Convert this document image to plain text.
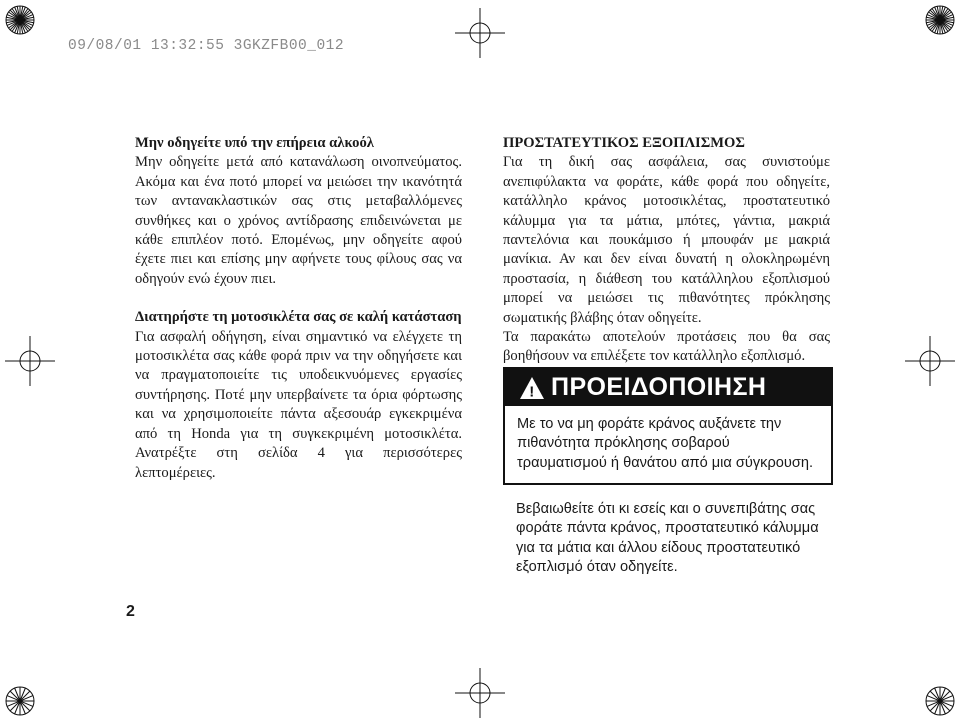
09/08/01 13:32:55 3GKZFB00_012
Μην οδηγείτε υπό την επήρεια αλκοόλ

Μην οδηγείτε μετά από κατανάλωση οινοπνεύματος. Ακόμα και ένα ποτό μπορεί να μειώσει την ικανότητά των αντανακλαστικών σας στις μεταβαλλόμενες συνθήκες και ο χρόνος αντίδρασης επιδεινώνεται με κάθε επιπλέον ποτό. Επομένως, μην οδηγείτε αφού έχετε πιει και επίσης μην αφήνετε τους φίλους σας να οδηγούν ενώ έχουν πιει.

Διατηρήστε τη μοτοσικλέτα σας σε καλή κατάσταση

Για ασφαλή οδήγηση, είναι σημαντικό να ελέγχετε τη μοτοσικλέτα σας κάθε φορά πριν να την οδηγήσετε και να πραγματοποιείτε τις υποδεικνυόμενες εργασίες συντήρησης. Ποτέ μην υπερβαίνετε τα όρια φόρτωσης και να χρησιμοποιείτε πάντα αξεσουάρ εγκεκριμένα από τη Honda για τη συγκεκριμένη μοτοσικλέτα. Ανατρέξτε στη σελίδα 4 για περισσότερες λεπτομέρειες.

ΠΡΟΣΤΑΤΕΥΤΙΚΟΣ ΕΞΟΠΛΙΣΜΟΣ

Για τη δική σας ασφάλεια, σας συνιστούμε ανεπιφύλακτα να φοράτε, κάθε φορά που οδηγείτε, κατάλληλο κράνος μοτοσικλέτας, προστατευτικό κάλυμμα για τα μάτια, μπότες, γάντια, μακριά παντελόνια και πουκάμισο ή μπουφάν με μακριά μανίκια. Αν και δεν είναι δυνατή η ολοκληρωμένη προστασία, η διάθεση του κατάλληλου εξοπλισμού μπορεί να μειώσει τις πιθανότητες πρόκλησης σωματικής βλάβης όταν οδηγείτε.

Τα παρακάτω αποτελούν προτάσεις που θα σας βοηθήσουν να επιλέξετε τον κατάλληλο εξοπλισμό.

! ΠΡΟΕΙΔΟΠΟΙΗΣΗ
Με το να μη φοράτε κράνος αυξάνετε την πιθανότητα πρόκλησης σοβαρού τραυματισμού ή θανάτου από μια σύγκρουση.
Βεβαιωθείτε ότι κι εσείς και ο συνεπιβάτης σας φοράτε πάντα κράνος, προστατευτικό κάλυμμα για τα μάτια και άλλου είδους προστατευτικό εξοπλισμό όταν οδηγείτε.
2
